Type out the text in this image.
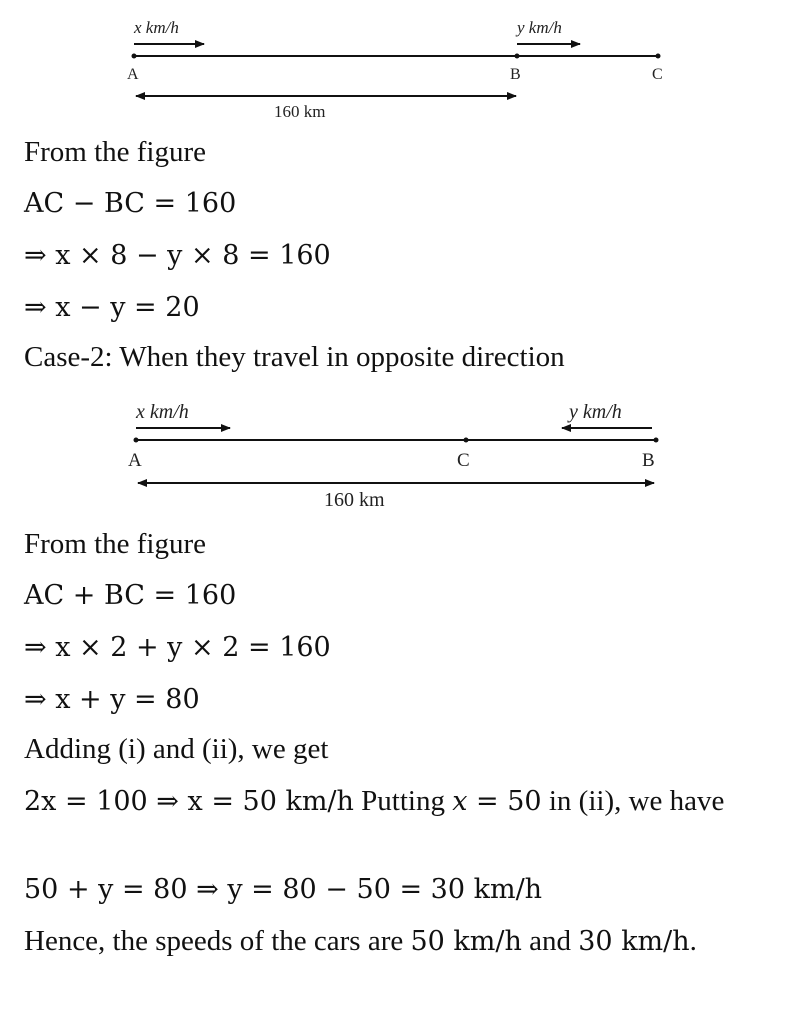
x km/h	y km/h
A	B	C
160 km
From the figure
AC − BC = 160
⇒ x × 8 − y × 8 = 160
⇒ x − y = 20
Case-2: When they travel in opposite direction
x km/h	y km/h
A	C	B
160 km
From the figure
AC + BC = 160
⇒ x × 2 + y × 2 = 160
⇒ x + y = 80
Adding (i) and (ii), we get
2x = 100 ⇒ x = 50 km/h Putting x = 50 in (ii), we have
50 + y = 80 ⇒ y = 80 − 50 = 30 km/h
Hence, the speeds of the cars are 50 km/h and 30 km/h.
